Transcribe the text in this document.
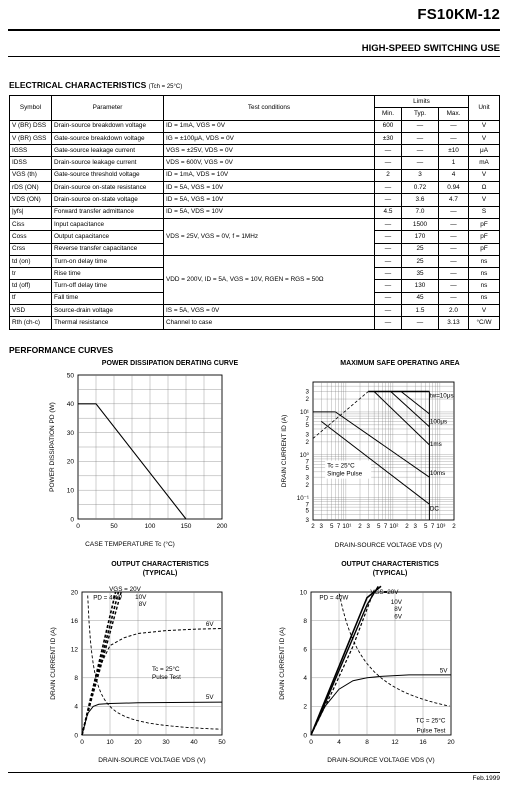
FS10KM-12
HIGH-SPEED SWITCHING USE
ELECTRICAL CHARACTERISTICS (Tch = 25°C)
Symbol	Parameter	Test conditions	Limits			Unit
			Min.	Typ.	Max.	
V (BR) DSS	Drain-source breakdown voltage	ID = 1mA, VGS = 0V	600	—	—	V
V (BR) GSS	Gate-source breakdown voltage	IG = ±100μA, VDS = 0V	±30	—	—	V
IGSS	Gate-source leakage current	VGS = ±25V, VDS = 0V	—	—	±10	μA
IDSS	Drain-source leakage current	VDS = 600V, VGS = 0V	—	—	1	mA
VGS (th)	Gate-source threshold voltage	ID = 1mA, VDS = 10V	2	3	4	V
rDS (ON)	Drain-source on-state resistance	ID = 5A, VGS = 10V	—	0.72	0.94	Ω
VDS (ON)	Drain-source on-state voltage	ID = 5A, VGS = 10V	—	3.6	4.7	V
|yfs|	Forward transfer admittance	ID = 5A, VDS = 10V	4.5	7.0	—	S
Ciss	Input capacitance	VDS = 25V, VGS = 0V, f = 1MHz	—	1500	—	pF
Coss	Output capacitance		—	170	—	pF
Crss	Reverse transfer capacitance		—	25	—	pF
td (on)	Turn-on delay time	VDD = 200V, ID = 5A, VGS = 10V, RGEN = RGS = 50Ω	—	25	—	ns
tr	Rise time		—	35	—	ns
td (off)	Turn-off delay time		—	130	—	ns
tf	Fall time		—	45	—	ns
VSD	Source-drain voltage	IS = 5A, VGS = 0V	—	1.5	2.0	V
Rth (ch-c)	Thermal resistance	Channel to case	—	—	3.13	°C/W
PERFORMANCE CURVES
POWER DISSIPATION DERATING CURVE
0	50	100	150	200
0
10
20
30
40
50
CASE TEMPERATURE Tc (°C)
POWER DISSIPATION PD (W)
MAXIMUM SAFE OPERATING AREA
2 3 5 7	2 3 5 7	2 3 5 7	2
10¹	10²	10³
3
2
7
5
3
2
7
5
3
2
7
5
3
10¹
10⁰
10⁻¹
tw=10μs
100μs
1ms
10ms
DC
Tc = 25°C
Single Pulse
DRAIN-SOURCE VOLTAGE VDS (V)
DRAIN CURRENT ID (A)
OUTPUT CHARACTERISTICS
(TYPICAL)
0	10	20	30	40	50
0
4
8
12
16
20
PD = 40W
VGS = 20V
10V
8V
6V
5V
Tc = 25°C
Pulse Test
DRAIN-SOURCE VOLTAGE VDS (V)
DRAIN CURRENT ID (A)
OUTPUT CHARACTERISTICS
(TYPICAL)
0	4	8	12	16	20
0
2
4
6
8
10
PD = 40W
VGS=20V
10V
8V
6V
5V
TC = 25°C
Pulse Test
DRAIN-SOURCE VOLTAGE VDS (V)
DRAIN CURRENT ID (A)
Feb.1999
